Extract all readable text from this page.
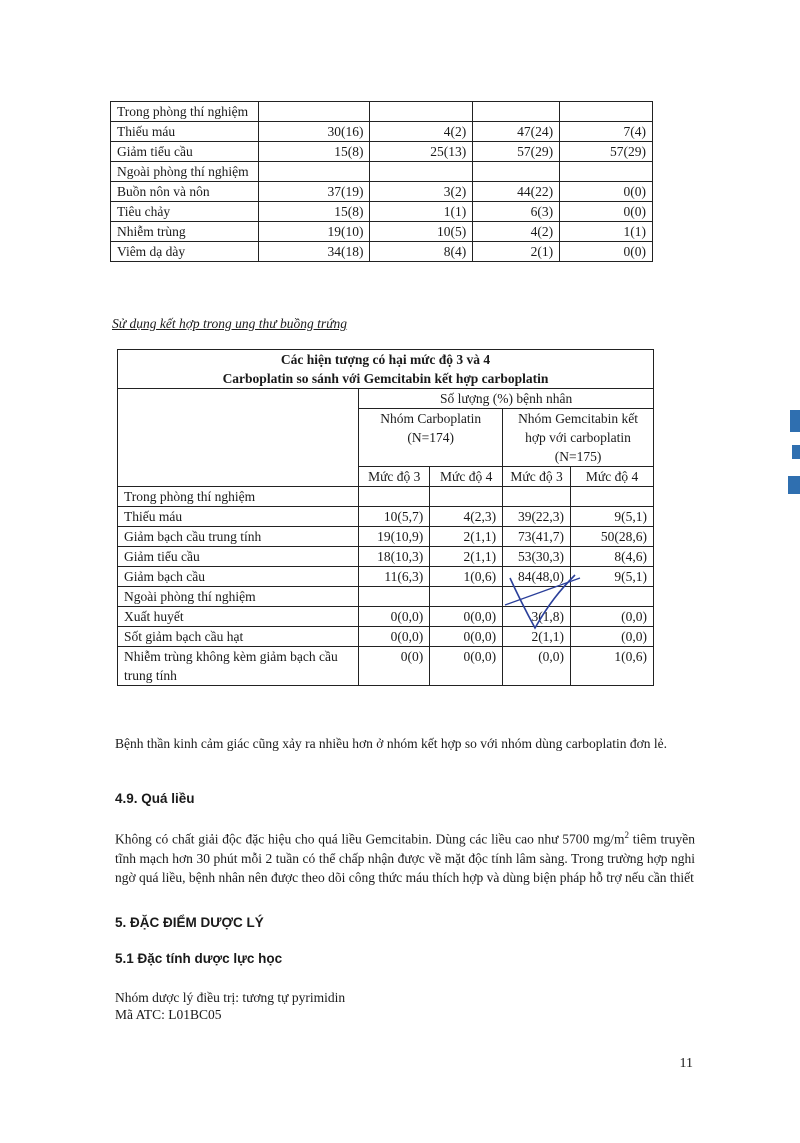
Trong phòng thí nghiệm				
Thiếu máu	30(16)	4(2)	47(24)	7(4)
Giảm tiểu cầu	15(8)	25(13)	57(29)	57(29)
Ngoài phòng thí nghiệm				
Buồn nôn và nôn	37(19)	3(2)	44(22)	0(0)
Tiêu chảy	15(8)	1(1)	6(3)	0(0)
Nhiễm trùng	19(10)	10(5)	4(2)	1(1)
Viêm dạ dày	34(18)	8(4)	2(1)	0(0)
Sử dụng kết hợp trong ung thư buồng trứng
Các hiện tượng có hại mức độ 3 và 4
Carboplatin so sánh với Gemcitabin kết hợp carboplatin				

	Số lượng (%) bệnh nhân			
	Nhóm Carboplatin (N=174)		Nhóm Gemcitabin kết hợp với carboplatin (N=175)	
	Mức độ 3	Mức độ 4	Mức độ 3	Mức độ 4
Trong phòng thí nghiệm				
Thiếu máu	10(5,7)	4(2,3)	39(22,3)	9(5,1)
Giảm bạch cầu trung tính	19(10,9)	2(1,1)	73(41,7)	50(28,6)
Giảm tiểu cầu	18(10,3)	2(1,1)	53(30,3)	8(4,6)
Giảm bạch cầu	11(6,3)	1(0,6)	84(48,0)	9(5,1)
Ngoài phòng thí nghiệm				
Xuất huyết	0(0,0)	0(0,0)	3(1,8)	(0,0)
Sốt giảm bạch cầu hạt	0(0,0)	0(0,0)	2(1,1)	(0,0)
Nhiễm trùng không kèm giảm bạch cầu trung tính	0(0)	0(0,0)	(0,0)	1(0,6)
Bệnh thần kinh cảm giác cũng xảy ra nhiều hơn ở nhóm kết hợp so với nhóm dùng carboplatin đơn lẻ.
4.9. Quá liều
Không có chất giải độc đặc hiệu cho quá liều Gemcitabin. Dùng các liều cao như 5700 $mg/m^2$ tiêm truyền tĩnh mạch hơn 30 phút mỗi 2 tuần có thể chấp nhận được về mặt độc tính lâm sàng. Trong trường hợp nghi ngờ quá liều, bệnh nhân nên được theo dõi công thức máu thích hợp và dùng biện pháp hỗ trợ nếu cần thiết
5. ĐẶC ĐIỂM DƯỢC LÝ
5.1 Đặc tính dược lực học
Nhóm dược lý điều trị: tương tự pyrimidin
Mã ATC: L01BC05
11
